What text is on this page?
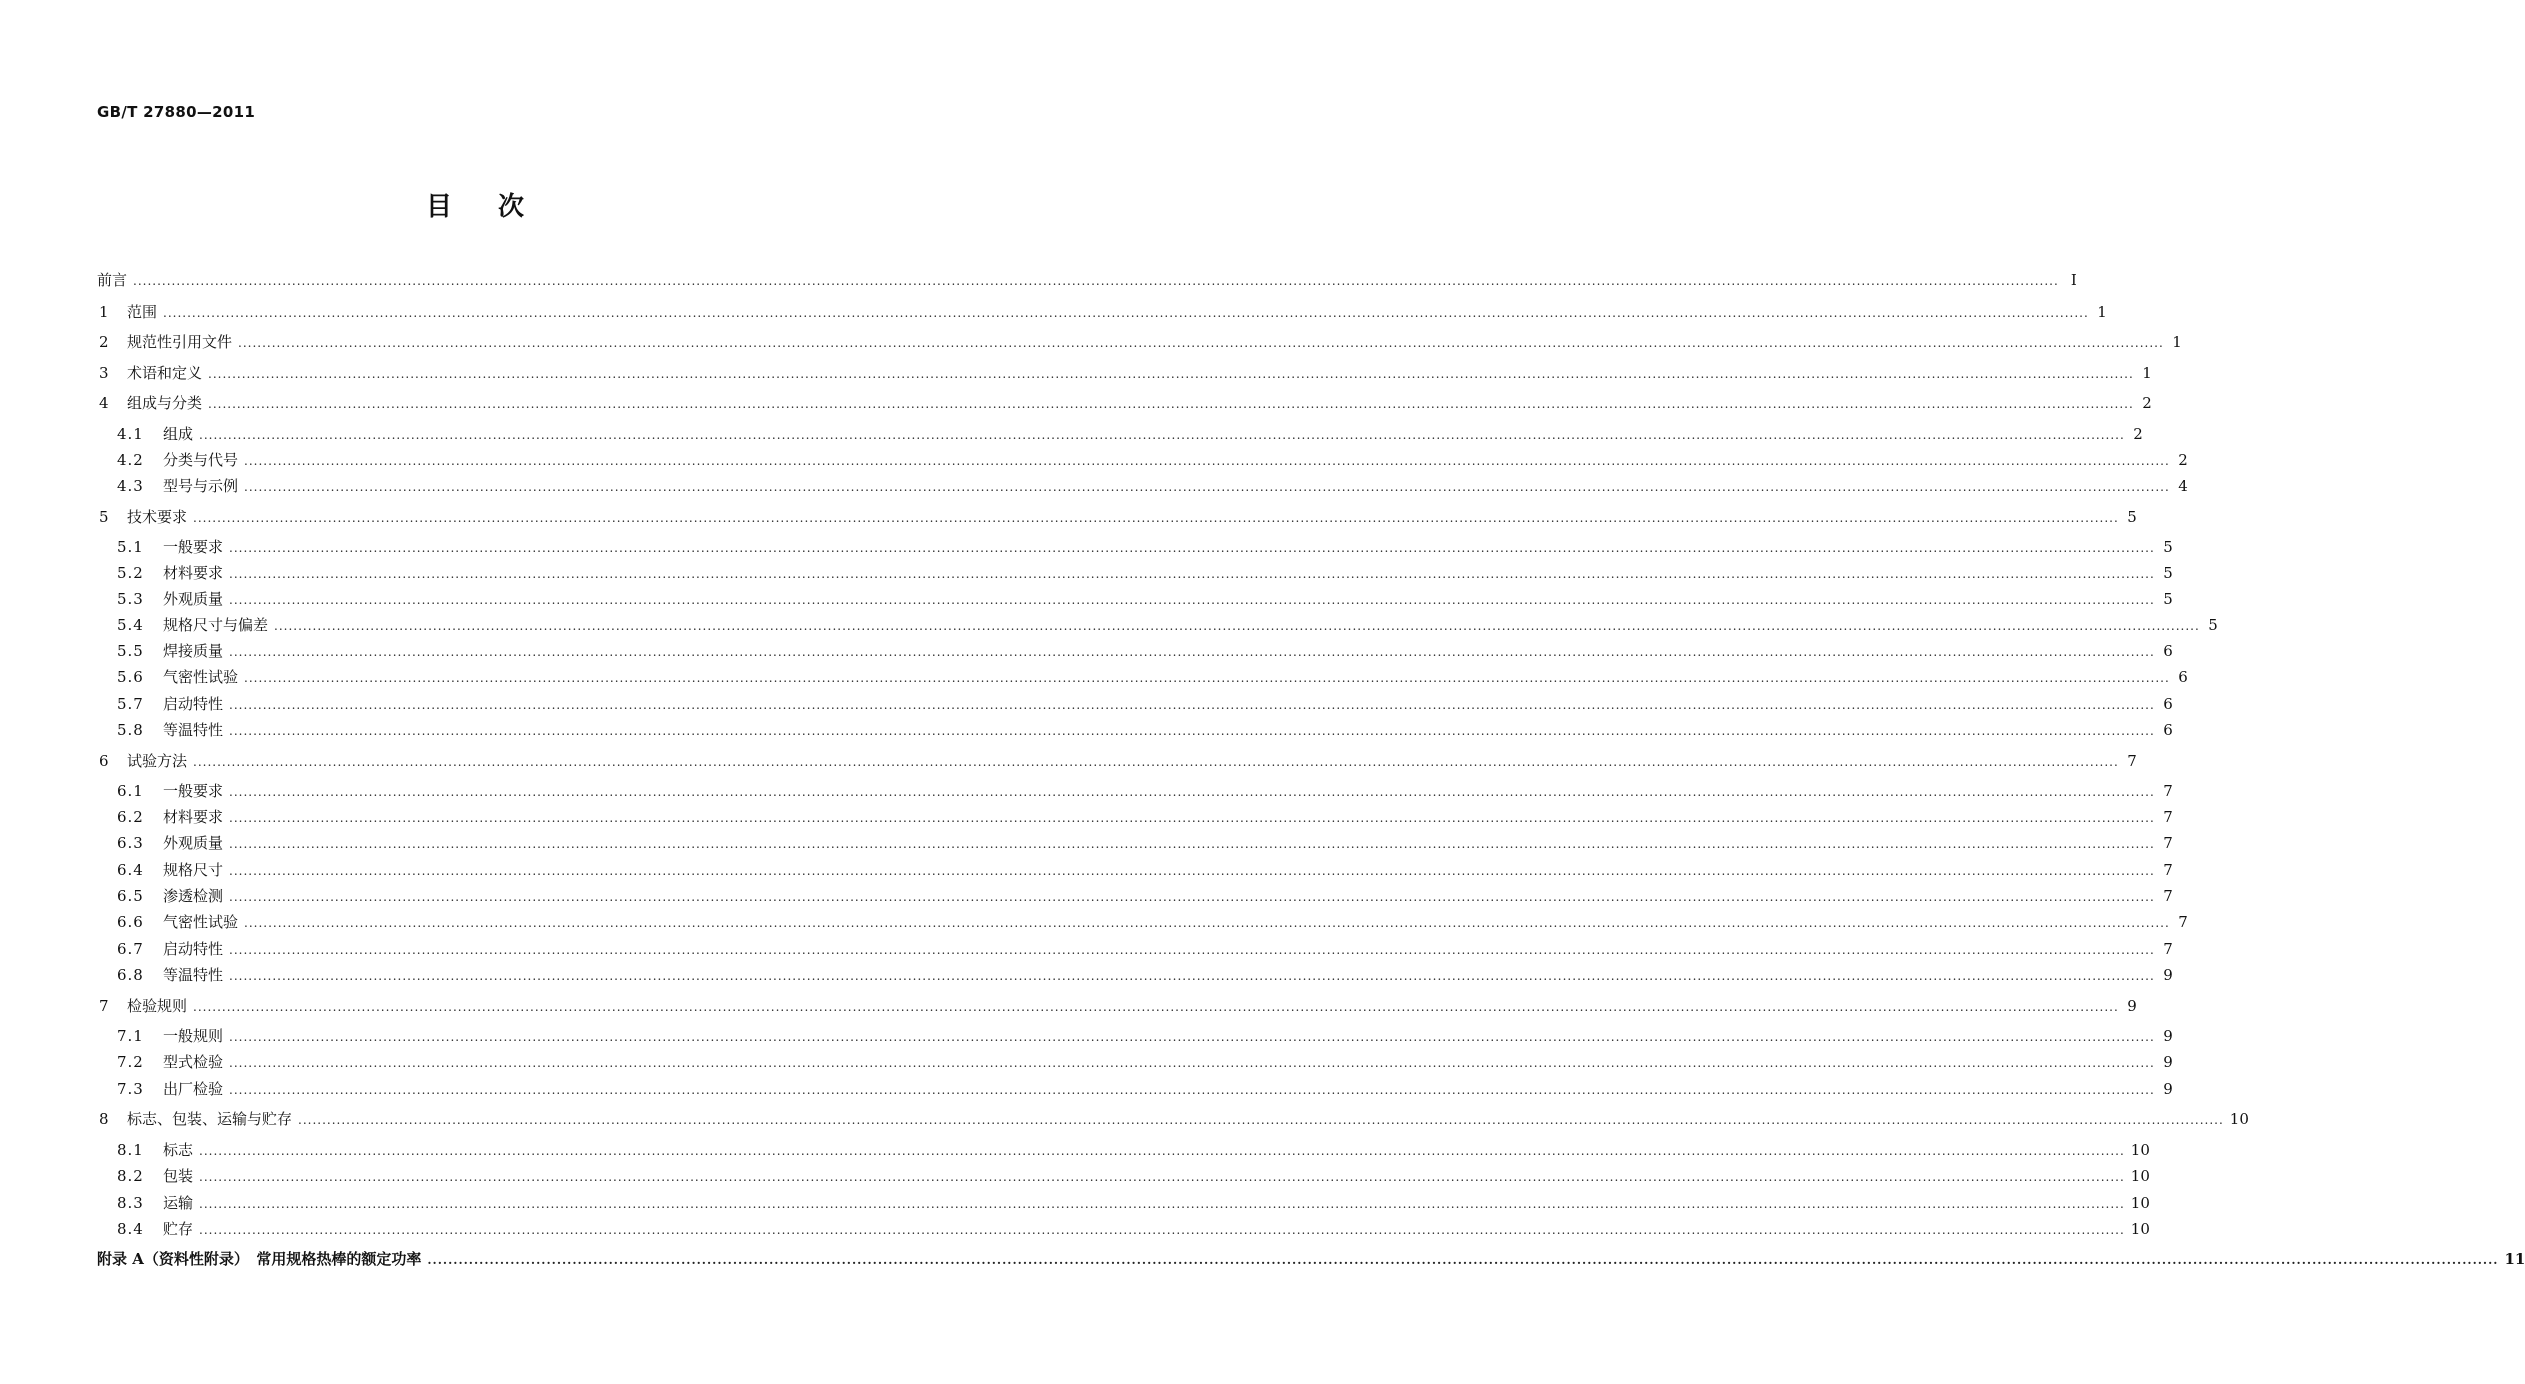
GB/T 27880—2011
目次
前言 ................................................................................................................................................................................................................................................................................................................................................................................................................ I
1	范围 ................................................................................................................................................................................................................................................................................................................................................................................................................ 1
2	规范性引用文件 ................................................................................................................................................................................................................................................................................................................................................................................................................ 1
3	术语和定义 ................................................................................................................................................................................................................................................................................................................................................................................................................ 1
4	组成与分类 ................................................................................................................................................................................................................................................................................................................................................................................................................ 2
4.1	组成 ................................................................................................................................................................................................................................................................................................................................................................................................................ 2
4.2	分类与代号 ................................................................................................................................................................................................................................................................................................................................................................................................................ 2
4.3	型号与示例 ................................................................................................................................................................................................................................................................................................................................................................................................................ 4
5	技术要求 ................................................................................................................................................................................................................................................................................................................................................................................................................ 5
5.1	一般要求 ................................................................................................................................................................................................................................................................................................................................................................................................................ 5
5.2	材料要求 ................................................................................................................................................................................................................................................................................................................................................................................................................ 5
5.3	外观质量 ................................................................................................................................................................................................................................................................................................................................................................................................................ 5
5.4	规格尺寸与偏差 ................................................................................................................................................................................................................................................................................................................................................................................................................ 5
5.5	焊接质量 ................................................................................................................................................................................................................................................................................................................................................................................................................ 6
5.6	气密性试验 ................................................................................................................................................................................................................................................................................................................................................................................................................ 6
5.7	启动特性 ................................................................................................................................................................................................................................................................................................................................................................................................................ 6
5.8	等温特性 ................................................................................................................................................................................................................................................................................................................................................................................................................ 6
6	试验方法 ................................................................................................................................................................................................................................................................................................................................................................................................................ 7
6.1	一般要求 ................................................................................................................................................................................................................................................................................................................................................................................................................ 7
6.2	材料要求 ................................................................................................................................................................................................................................................................................................................................................................................................................ 7
6.3	外观质量 ................................................................................................................................................................................................................................................................................................................................................................................................................ 7
6.4	规格尺寸 ................................................................................................................................................................................................................................................................................................................................................................................................................ 7
6.5	渗透检测 ................................................................................................................................................................................................................................................................................................................................................................................................................ 7
6.6	气密性试验 ................................................................................................................................................................................................................................................................................................................................................................................................................ 7
6.7	启动特性 ................................................................................................................................................................................................................................................................................................................................................................................................................ 7
6.8	等温特性 ................................................................................................................................................................................................................................................................................................................................................................................................................ 9
7	检验规则 ................................................................................................................................................................................................................................................................................................................................................................................................................ 9
7.1	一般规则 ................................................................................................................................................................................................................................................................................................................................................................................................................ 9
7.2	型式检验 ................................................................................................................................................................................................................................................................................................................................................................................................................ 9
7.3	出厂检验 ................................................................................................................................................................................................................................................................................................................................................................................................................ 9
8	标志、包装、运输与贮存 ................................................................................................................................................................................................................................................................................................................................................................................................................ 10
8.1	标志 ................................................................................................................................................................................................................................................................................................................................................................................................................ 10
8.2	包装 ................................................................................................................................................................................................................................................................................................................................................................................................................ 10
8.3	运输 ................................................................................................................................................................................................................................................................................................................................................................................................................ 10
8.4	贮存 ................................................................................................................................................................................................................................................................................................................................................................................................................ 10
附录 A（资料性附录）　常用规格热棒的额定功率 ................................................................................................................................................................................................................................................................................................................................................................................................................ 11
